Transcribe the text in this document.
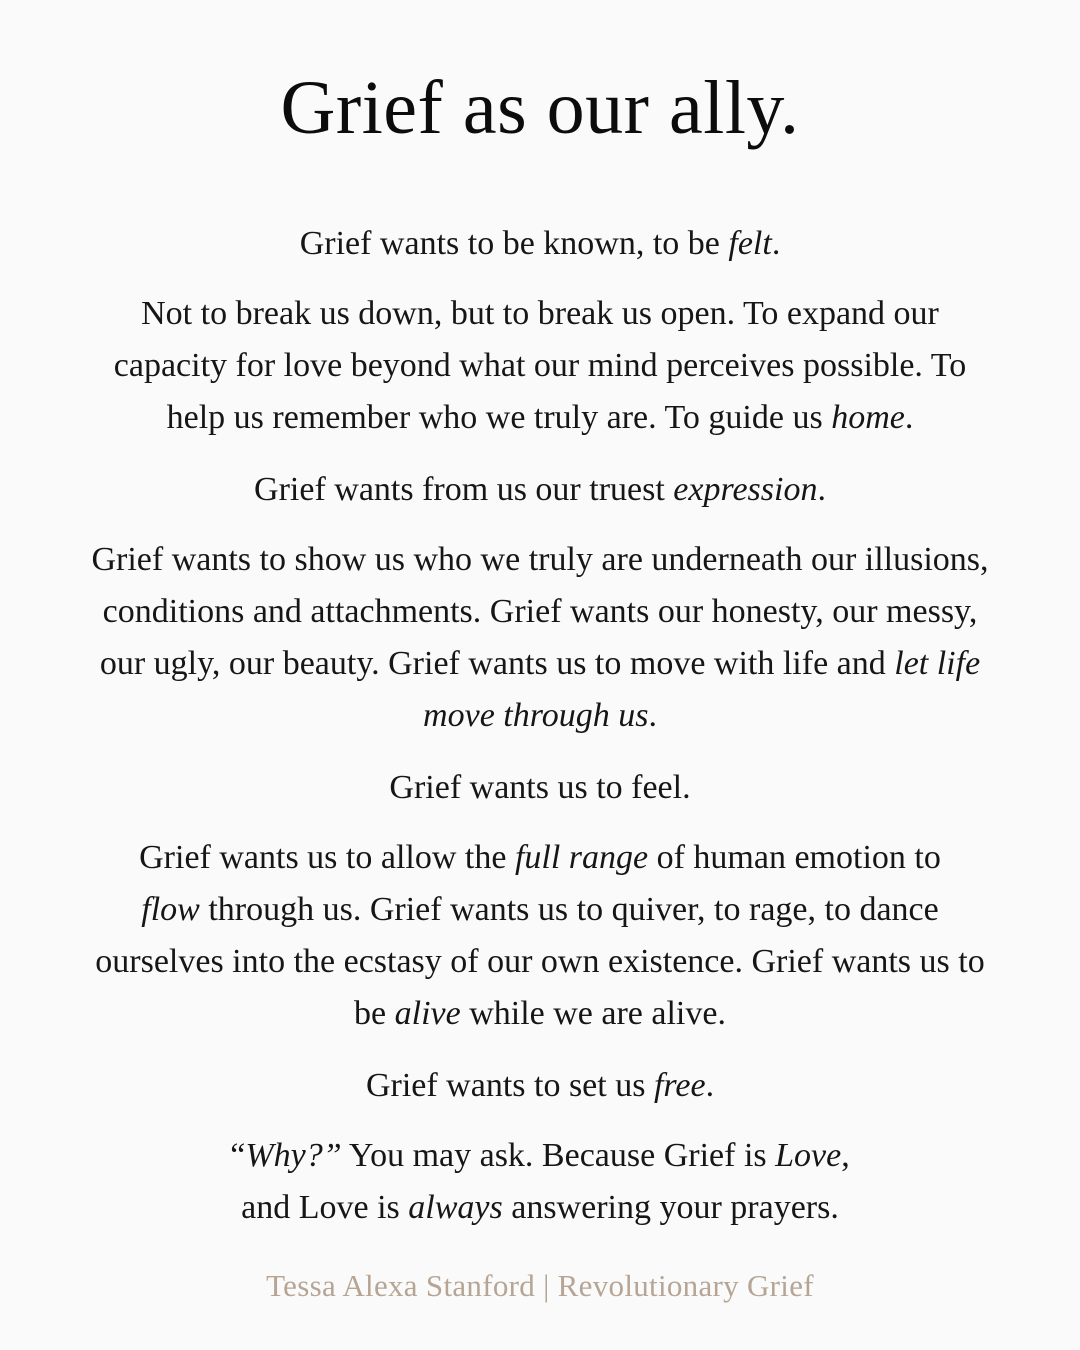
Grief as our ally.

Grief wants to be known, to be felt.

Not to break us down, but to break us open. To expand our capacity for love beyond what our mind perceives possible. To help us remember who we truly are. To guide us home.

Grief wants from us our truest expression.

Grief wants to show us who we truly are underneath our illusions, conditions and attachments. Grief wants our honesty, our messy, our ugly, our beauty. Grief wants us to move with life and let life move through us.

Grief wants us to feel.

Grief wants us to allow the full range of human emotion to
flow through us. Grief wants us to quiver, to rage, to dance ourselves into the ecstasy of our own existence. Grief wants us to be alive while we are alive.

Grief wants to set us free.

“Why?” You may ask. Because Grief is Love,
and Love is always answering your prayers.

Tessa Alexa Stanford | Revolutionary Grief
